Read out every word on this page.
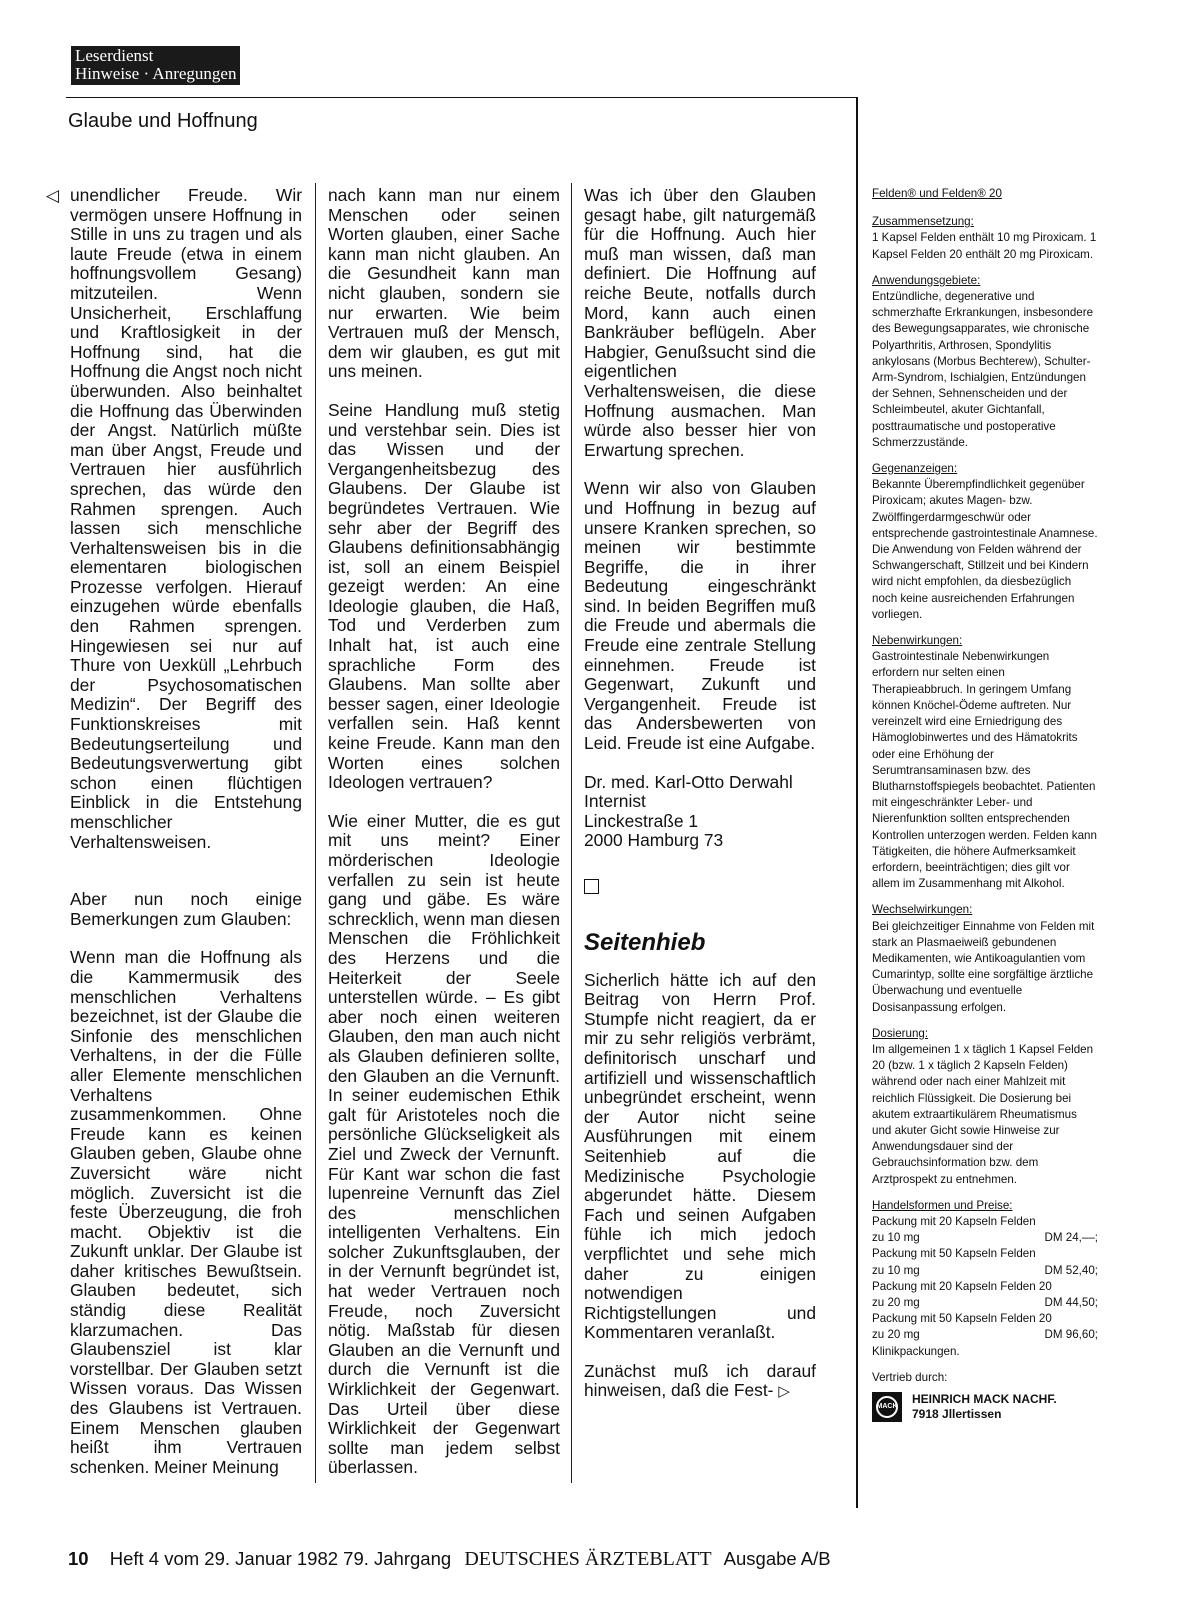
Leserdienst
Hinweise · Anregungen
Glaube und Hoffnung
◁ unendlicher Freude. Wir vermögen unsere Hoffnung in Stille in uns zu tragen und als laute Freude (etwa in einem hoffnungsvollem Gesang) mitzuteilen. Wenn Unsicherheit, Erschlaffung und Kraftlosigkeit in der Hoffnung sind, hat die Hoffnung die Angst noch nicht überwunden. Also beinhaltet die Hoffnung das Überwinden der Angst. Natürlich müßte man über Angst, Freude und Vertrauen hier ausführlich sprechen, das würde den Rahmen sprengen. Auch lassen sich menschliche Verhaltensweisen bis in die elementaren biologischen Prozesse verfolgen. Hierauf einzugehen würde ebenfalls den Rahmen sprengen. Hingewiesen sei nur auf Thure von Uexküll „Lehrbuch der Psychosomatischen Medizin“. Der Begriff des Funktionskreises mit Bedeutungserteilung und Bedeutungsverwertung gibt schon einen flüchtigen Einblick in die Entstehung menschlicher Verhaltensweisen.

Aber nun noch einige Bemerkungen zum Glauben:

Wenn man die Hoffnung als die Kammermusik des menschlichen Verhaltens bezeichnet, ist der Glaube die Sinfonie des menschlichen Verhaltens, in der die Fülle aller Elemente menschlichen Verhaltens zusammenkommen. Ohne Freude kann es keinen Glauben geben, Glaube ohne Zuversicht wäre nicht möglich. Zuversicht ist die feste Überzeugung, die froh macht. Objektiv ist die Zukunft unklar. Der Glaube ist daher kritisches Bewußtsein. Glauben bedeutet, sich ständig diese Realität klarzumachen. Das Glaubensziel ist klar vorstellbar. Der Glauben setzt Wissen voraus. Das Wissen des Glaubens ist Vertrauen. Einem Menschen glauben heißt ihm Vertrauen schenken. Meiner Meinung

nach kann man nur einem Menschen oder seinen Worten glauben, einer Sache kann man nicht glauben. An die Gesundheit kann man nicht glauben, sondern sie nur erwarten. Wie beim Vertrauen muß der Mensch, dem wir glauben, es gut mit uns meinen.

Seine Handlung muß stetig und verstehbar sein. Dies ist das Wissen und der Vergangenheitsbezug des Glaubens. Der Glaube ist begründetes Vertrauen. Wie sehr aber der Begriff des Glaubens definitionsabhängig ist, soll an einem Beispiel gezeigt werden: An eine Ideologie glauben, die Haß, Tod und Verderben zum Inhalt hat, ist auch eine sprachliche Form des Glaubens. Man sollte aber besser sagen, einer Ideologie verfallen sein. Haß kennt keine Freude. Kann man den Worten eines solchen Ideologen vertrauen?

Wie einer Mutter, die es gut mit uns meint? Einer mörderischen Ideologie verfallen zu sein ist heute gang und gäbe. Es wäre schrecklich, wenn man diesen Menschen die Fröhlichkeit des Herzens und die Heiterkeit der Seele unterstellen würde. – Es gibt aber noch einen weiteren Glauben, den man auch nicht als Glauben definieren sollte, den Glauben an die Vernunft. In seiner eudemischen Ethik galt für Aristoteles noch die persönliche Glückseligkeit als Ziel und Zweck der Vernunft. Für Kant war schon die fast lupenreine Vernunft das Ziel des menschlichen intelligenten Verhaltens. Ein solcher Zukunftsglauben, der in der Vernunft begründet ist, hat weder Vertrauen noch Freude, noch Zuversicht nötig. Maßstab für diesen Glauben an die Vernunft und durch die Vernunft ist die Wirklichkeit der Gegenwart. Das Urteil über diese Wirklichkeit der Gegenwart sollte man jedem selbst überlassen.

Was ich über den Glauben gesagt habe, gilt naturgemäß für die Hoffnung. Auch hier muß man wissen, daß man definiert. Die Hoffnung auf reiche Beute, notfalls durch Mord, kann auch einen Bankräuber beflügeln. Aber Habgier, Genußsucht sind die eigentlichen Verhaltensweisen, die diese Hoffnung ausmachen. Man würde also besser hier von Erwartung sprechen.

Wenn wir also von Glauben und Hoffnung in bezug auf unsere Kranken sprechen, so meinen wir bestimmte Begriffe, die in ihrer Bedeutung eingeschränkt sind. In beiden Begriffen muß die Freude und abermals die Freude eine zentrale Stellung einnehmen. Freude ist Gegenwart, Zukunft und Vergangenheit. Freude ist das Andersbewerten von Leid. Freude ist eine Aufgabe.

Dr. med. Karl-Otto Derwahl
Internist
Linckestraße 1
2000 Hamburg 73
Seitenhieb

Sicherlich hätte ich auf den Beitrag von Herrn Prof. Stumpfe nicht reagiert, da er mir zu sehr religiös verbrämt, definitorisch unscharf und artifiziell und wissenschaftlich unbegründet erscheint, wenn der Autor nicht seine Ausführungen mit einem Seitenhieb auf die Medizinische Psychologie abgerundet hätte. Diesem Fach und seinen Aufgaben fühle ich mich jedoch verpflichtet und sehe mich daher zu einigen notwendigen Richtigstellungen und Kommentaren veranlaßt.

Zunächst muß ich darauf hinweisen, daß die Fest- ▷

Felden® und Felden® 20
Zusammensetzung:
1 Kapsel Felden enthält 10 mg Piroxicam. 1 Kapsel Felden 20 enthält 20 mg Piroxicam.
Anwendungsgebiete:
Entzündliche, degenerative und schmerzhafte Erkrankungen, insbesondere des Bewegungsapparates, wie chronische Polyarthritis, Arthrosen, Spondylitis ankylosans (Morbus Bechterew), Schulter-Arm-Syndrom, Ischialgien, Entzündungen der Sehnen, Sehnenscheiden und der Schleimbeutel, akuter Gichtanfall, posttraumatische und postoperative Schmerzzustände.
Gegenanzeigen:
Bekannte Überempfindlichkeit gegenüber Piroxicam; akutes Magen- bzw. Zwölffingerdarmgeschwür oder entsprechende gastrointestinale Anamnese. Die Anwendung von Felden während der Schwangerschaft, Stillzeit und bei Kindern wird nicht empfohlen, da diesbezüglich noch keine ausreichenden Erfahrungen vorliegen.
Nebenwirkungen:
Gastrointestinale Nebenwirkungen erfordern nur selten einen Therapieabbruch. In geringem Umfang können Knöchel-Ödeme auftreten. Nur vereinzelt wird eine Erniedrigung des Hämoglobinwertes und des Hämatokrits oder eine Erhöhung der Serumtransaminasen bzw. des Blutharnstoffspiegels beobachtet. Patienten mit eingeschränkter Leber- und Nierenfunktion sollten entsprechenden Kontrollen unterzogen werden. Felden kann Tätigkeiten, die höhere Aufmerksamkeit erfordern, beeinträchtigen; dies gilt vor allem im Zusammenhang mit Alkohol.
Wechselwirkungen:
Bei gleichzeitiger Einnahme von Felden mit stark an Plasmaeiweiß gebundenen Medikamenten, wie Antikoagulantien vom Cumarintyp, sollte eine sorgfältige ärztliche Überwachung und eventuelle Dosisanpassung erfolgen.
Dosierung:
Im allgemeinen 1 x täglich 1 Kapsel Felden 20 (bzw. 1 x täglich 2 Kapseln Felden) während oder nach einer Mahlzeit mit reichlich Flüssigkeit. Die Dosierung bei akutem extraartikulärem Rheumatismus und akuter Gicht sowie Hinweise zur Anwendungsdauer sind der Gebrauchsinformation bzw. dem Arztprospekt zu entnehmen.
Handelsformen und Preise:
Packung mit 20 Kapseln Felden
zu 10 mg	DM 24,––;
Packung mit 50 Kapseln Felden
zu 10 mg	DM 52,40;
Packung mit 20 Kapseln Felden 20
zu 20 mg	DM 44,50;
Packung mit 50 Kapseln Felden 20
zu 20 mg	DM 96,60;
Klinikpackungen.
Vertrieb durch:
MACK
HEINRICH MACK NACHF.
7918 Jllertissen
10 Heft 4 vom 29. Januar 1982 79. Jahrgang DEUTSCHES ÄRZTEBLATT Ausgabe A/B
